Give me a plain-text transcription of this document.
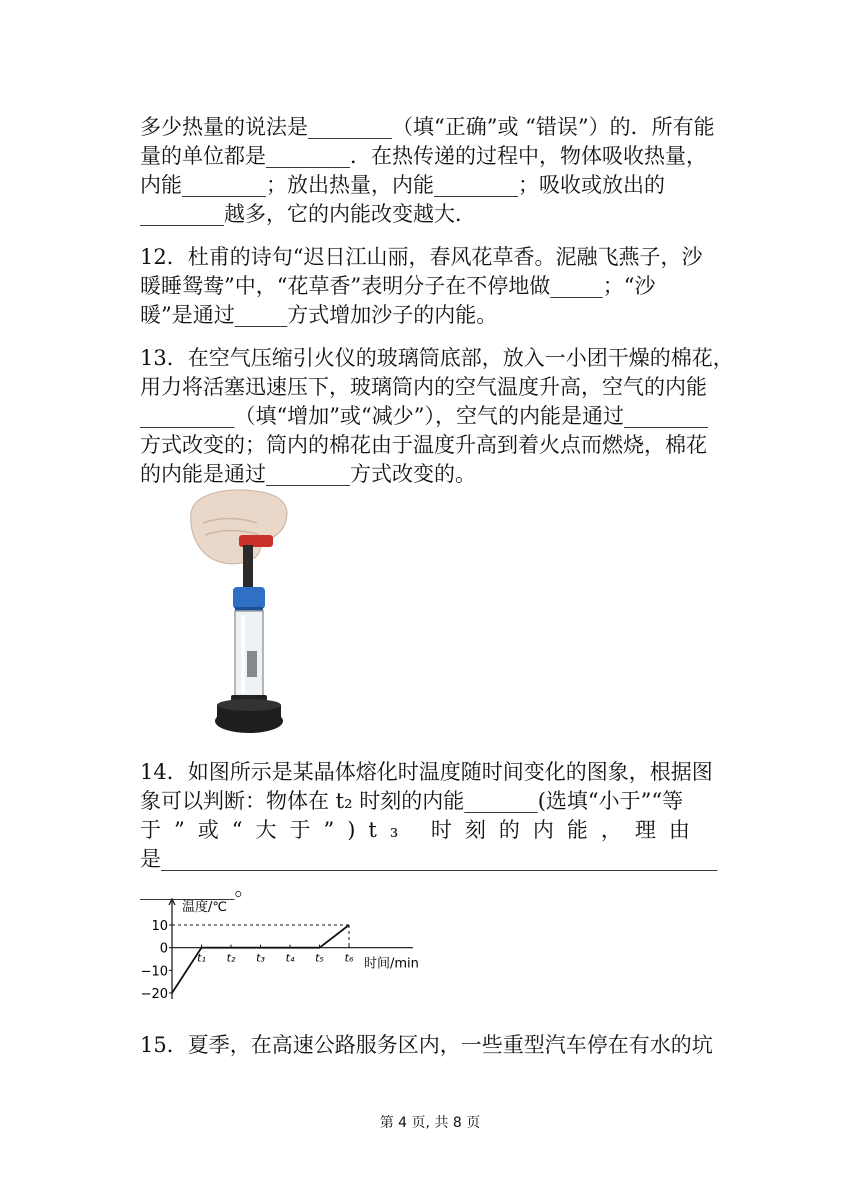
多少热量的说法是________（填“正确”或 “错误”）的．所有能
量的单位都是________．在热传递的过程中，物体吸收热量，
内能________；放出热量，内能________；吸收或放出的
________越多，它的内能改变越大．
12．杜甫的诗句“迟日江山丽，春风花草香。泥融飞燕子，沙
暖睡鸳鸯”中，“花草香”表明分子在不停地做_____；“沙
暖”是通过_____方式增加沙子的内能。
13．在空气压缩引火仪的玻璃筒底部，放入一小团干燥的棉花，
用力将活塞迅速压下，玻璃筒内的空气温度升高，空气的内能
_________（填“增加”或“减少”），空气的内能是通过________
方式改变的；筒内的棉花由于温度升高到着火点而燃烧，棉花
的内能是通过________方式改变的。
14．如图所示是某晶体熔化时温度随时间变化的图象，根据图
象可以判断：物体在 t₂ 时刻的内能_______(选填“小于”“等
于”或“大于”)t₃ 时刻的内能，理由
是_____________________________________________________
_________。
温度/℃
时间/min
10
0
−10
−20
t₁ t₂ t₃ t₄ t₅ t₆
15．夏季，在高速公路服务区内，一些重型汽车停在有水的坑
第 4 页, 共 8 页
